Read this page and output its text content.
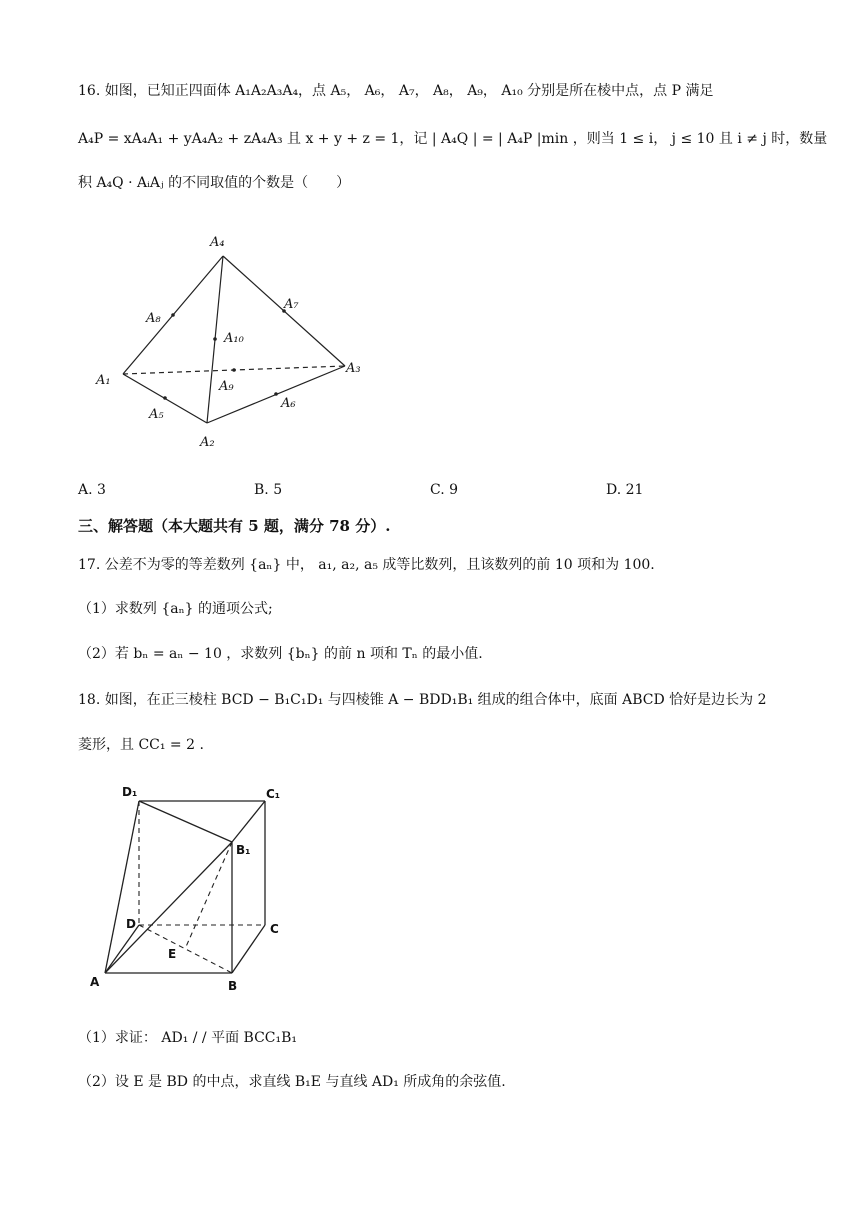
16. 如图，已知正四面体 A₁A₂A₃A₄，点 A₅， A₆， A₇， A₈， A₉， A₁₀ 分别是所在棱中点，点 P 满足
A₄P = xA₄A₁ + yA₄A₂ + zA₄A₃ 且 x + y + z = 1，记 | A₄Q | = | A₄P |min ，则当 1 ≤ i， j ≤ 10 且 i ≠ j 时，数量
积 A₄Q · AᵢAⱼ 的不同取值的个数是（　　）
A₄
A₁
A₂
A₃
A₈
A₇
A₁₀
A₉
A₅
A₆
A. 3	B. 5	C. 9	D. 21
三、解答题（本大题共有 5 题，满分 78 分）.
17. 公差不为零的等差数列 {aₙ} 中， a₁, a₂, a₅ 成等比数列，且该数列的前 10 项和为 100.
（1）求数列 {aₙ} 的通项公式;
（2）若 bₙ = aₙ − 10 ，求数列 {bₙ} 的前 n 项和 Tₙ 的最小值.
18. 如图，在正三棱柱 BCD − B₁C₁D₁ 与四棱锥 A − BDD₁B₁ 组成的组合体中，底面 ABCD 恰好是边长为 2
菱形，且 CC₁ = 2 .
D₁	C₁
B₁
D	C
E
A	B
（1）求证： AD₁ / / 平面 BCC₁B₁
（2）设 E 是 BD 的中点，求直线 B₁E 与直线 AD₁ 所成角的余弦值.
